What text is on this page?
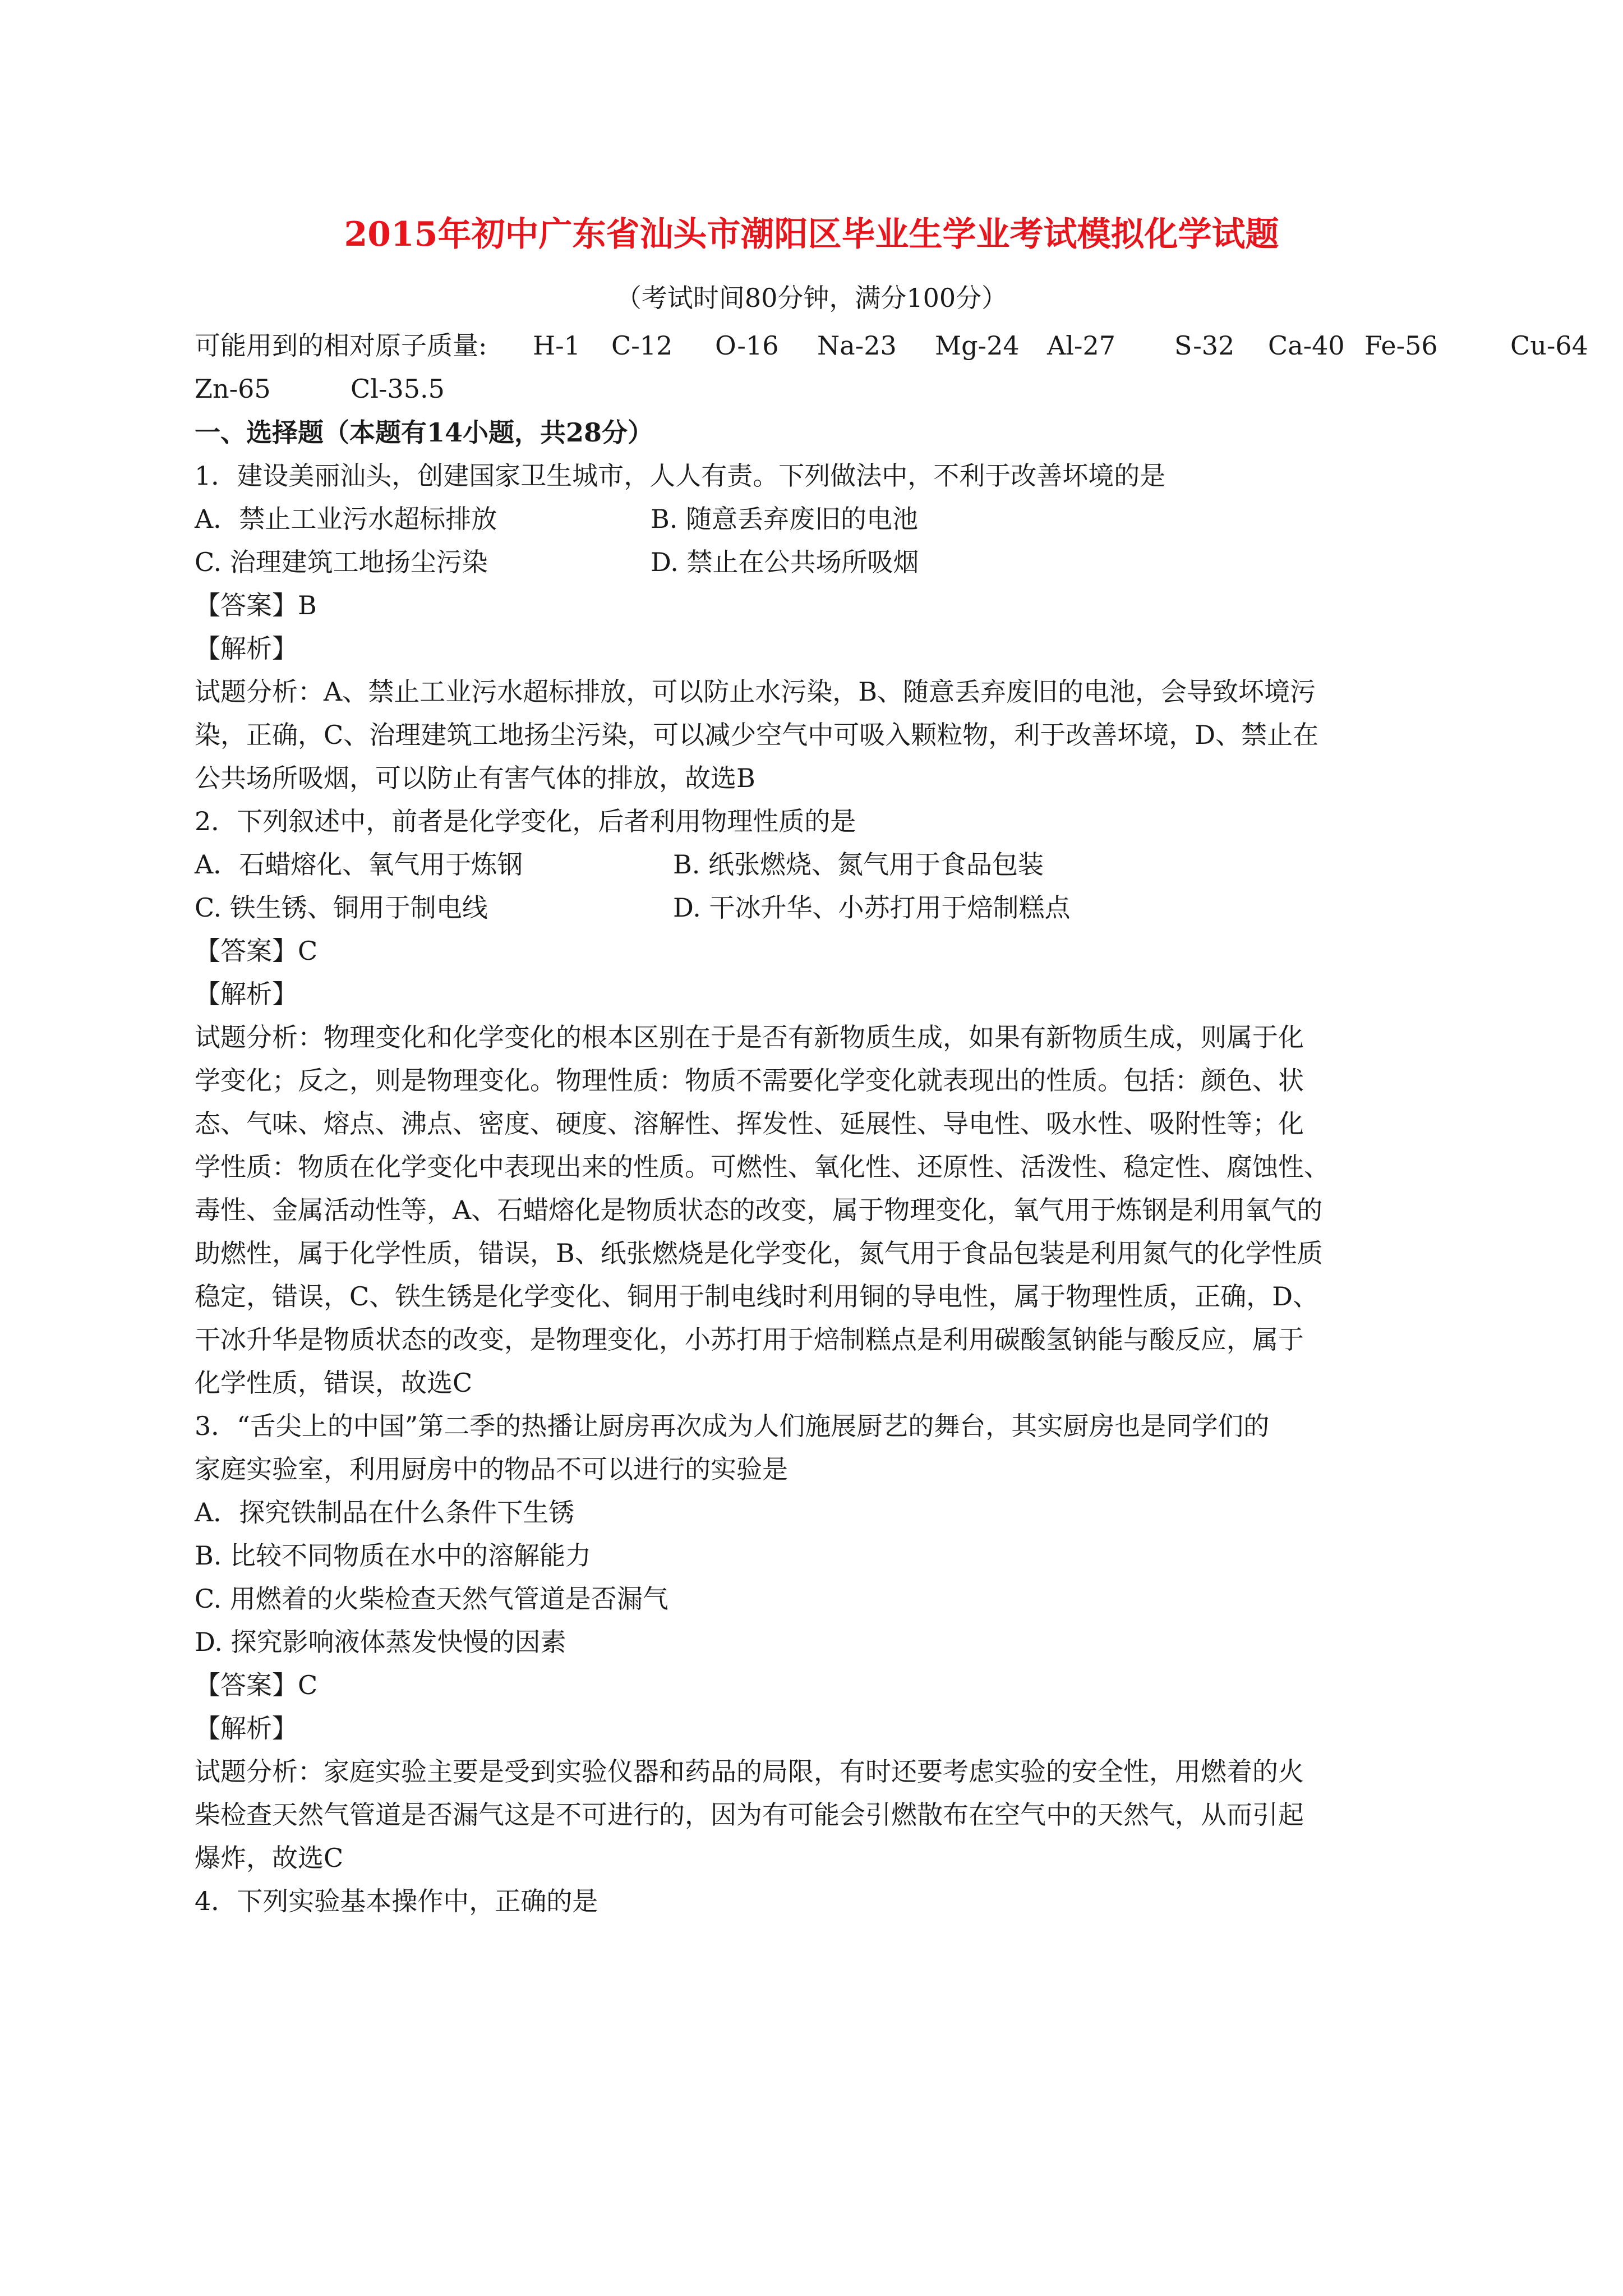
2015年初中广东省汕头市潮阳区毕业生学业考试模拟化学试题
（考试时间80分钟，满分100分）
可能用到的相对原子质量: H-1 C-12 O-16 Na-23 Mg-24 Al-27 S-32 Ca-40 Fe-56	Cu-64
Zn-65	Cl-35.5
一、选择题（本题有14小题，共28分）
1．建设美丽汕头，创建国家卫生城市，人人有责。下列做法中，不利于改善坏境的是
A．禁止工业污水超标排放	B. 随意丢弃废旧的电池
C. 治理建筑工地扬尘污染	D. 禁止在公共场所吸烟
【答案】B
【解析】
试题分析：A、禁止工业污水超标排放，可以防止水污染，B、随意丢弃废旧的电池，会导致坏境污
染，正确，C、治理建筑工地扬尘污染，可以减少空气中可吸入颗粒物，利于改善坏境，D、禁止在
公共场所吸烟，可以防止有害气体的排放，故选B
2．下列叙述中，前者是化学变化，后者利用物理性质的是
A．石蜡熔化、氧气用于炼钢	B. 纸张燃烧、氮气用于食品包装
C. 铁生锈、铜用于制电线	D. 干冰升华、小苏打用于焙制糕点
【答案】C
【解析】
试题分析：物理变化和化学变化的根本区别在于是否有新物质生成，如果有新物质生成，则属于化
学变化；反之，则是物理变化。物理性质：物质不需要化学变化就表现出的性质。包括：颜色、状
态、气味、熔点、沸点、密度、硬度、溶解性、挥发性、延展性、导电性、吸水性、吸附性等；化
学性质：物质在化学变化中表现出来的性质。可燃性、氧化性、还原性、活泼性、稳定性、腐蚀性、
毒性、金属活动性等，A、石蜡熔化是物质状态的改变，属于物理变化，氧气用于炼钢是利用氧气的
助燃性，属于化学性质，错误，B、纸张燃烧是化学变化，氮气用于食品包装是利用氮气的化学性质
稳定，错误，C、铁生锈是化学变化、铜用于制电线时利用铜的导电性，属于物理性质，正确，D、
干冰升华是物质状态的改变，是物理变化，小苏打用于焙制糕点是利用碳酸氢钠能与酸反应，属于
化学性质，错误，故选C
3．“舌尖上的中国”第二季的热播让厨房再次成为人们施展厨艺的舞台，其实厨房也是同学们的
家庭实验室，利用厨房中的物品不可以进行的实验是
A．探究铁制品在什么条件下生锈
B. 比较不同物质在水中的溶解能力
C. 用燃着的火柴检查天然气管道是否漏气
D. 探究影响液体蒸发快慢的因素
【答案】C
【解析】
试题分析：家庭实验主要是受到实验仪器和药品的局限，有时还要考虑实验的安全性，用燃着的火
柴检查天然气管道是否漏气这是不可进行的，因为有可能会引燃散布在空气中的天然气，从而引起
爆炸，故选C
4．下列实验基本操作中，正确的是
